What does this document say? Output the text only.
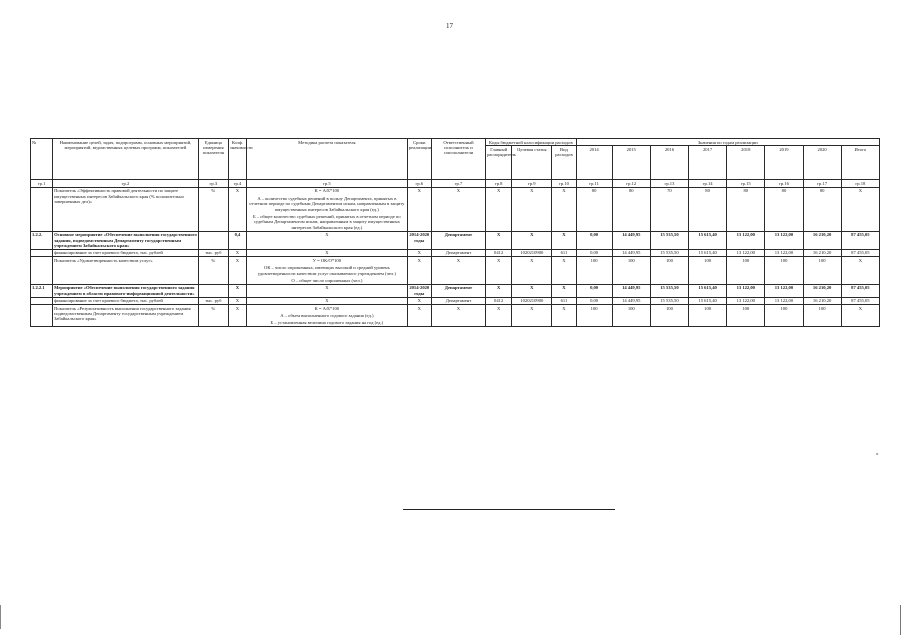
17
№	Наименование целей, задач, подпрограмм, основных мероприятий, мероприятий, ведомственных целевых программ, показателей	Единица измерения показателя	Коэф. значимости	Методика расчета показателя	Сроки реализации	Ответственный исполнитель и соисполнители	Коды бюджетной классификации расходов			Значения по годам реализации							
							Главный распорядитель	Целевая статья	Вид расходов	2014	2015	2016	2017	2018	2019	2020	Итого
гр.1	гр.2	гр.3	гр.4	гр.5	гр.6	гр.7	гр.8	гр.9	гр.10	гр.11	гр.12	гр.13	гр.14	гр.15	гр.16	гр.17	гр.18
	Показатель «Эффективность правовой деятельности по защите имущественных интересов Забайкальского края (% положительно завершенных дел)»	%	Х	К = А/Б*100

А – количество судебных решений в пользу Департамента, принятых в отчетном периоде по судебным Департаментом искам, направленным в защиту имущественных интересов Забайкальского края (ед.)

Б – общее количество судебных решений, принятых в отчетном периоде по судебным Департаментом искам, направленным в защиту имущественных интересов Забайкальского края (ед.)	Х	Х	Х	Х	Х	80	80	70	80	80	80	80	Х
1.2.2.	Основное мероприятие «Обеспечение выполнения государственного задания, подведомственным Департаменту государственным учреждением Забайкальского края»		0,4	Х	2014-2020 годы	Департамент	Х	Х	Х	0,00	14 449,95	15 535,50	15 615,40	13 122,00	13 122,00	16 210,20	87 455,05
	финансирование за счет краевого бюджета, тыс. рублей	тыс. руб	Х	Х	Х	Департамент	0412	1020210900	611	0,00	14 449,95	15 535,50	15 615,40	13 122,00	13 122,00	16 210,20	87 455,05
	Показатель «Удовлетворенность качеством услуг»	%	Х	У = ОК/О*100

ОК – число опрошенных, имеющих высокий и средний уровень удовлетворенности качеством услуг оказываемого учреждением (чел.)

О – общее число опрошенных (чел.)	Х	Х	Х	Х	Х	100	100	100	100	100	100	100	Х
1.2.2.1	Мероприятие «Обеспечение выполнения государственного задания учреждением в области правового-информационной деятельности»		Х	Х	2014-2020 годы	Департамент	Х	Х	Х	0,00	14 449,95	15 535,50	15 615,40	13 122,00	13 122,00	16 210,20	87 455,05
	финансирование за счет краевого бюджета, тыс. рублей	тыс. руб	Х	Х	Х	Департамент	0412	1020210900	611	0,00	14 449,95	15 535,50	15 615,40	13 122,00	13 122,00	16 210,20	87 455,05
	Показатель «Результативность выполнения государственного задания подведомственным Департаменту государственным учреждением Забайкальского края»	%	Х	К = А/Б*100

А – объем выполненного годового задания (ед.)

Б – установленная величина годового задания на год (ед.)	Х	Х	Х	Х	Х	100	100	100	100	100	100	100	Х
»
